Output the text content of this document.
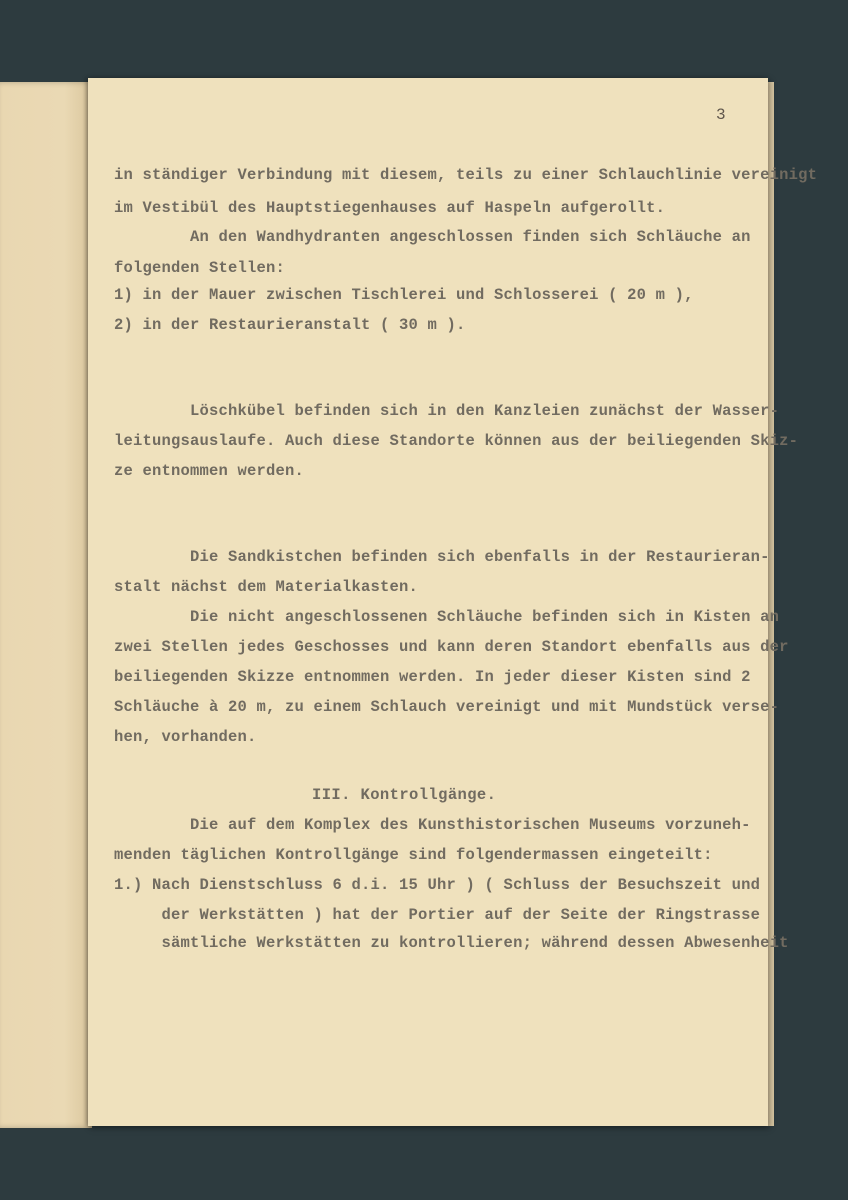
3
in ständiger Verbindung mit diesem, teils zu einer Schlauchlinie vereinigt
im Vestibül des Hauptstiegenhauses auf Haspeln aufgerollt.
An den Wandhydranten angeschlossen finden sich Schläuche an
folgenden Stellen:
1) in der Mauer zwischen Tischlerei und Schlosserei ( 20 m ),
2) in der Restaurieranstalt ( 30 m ).
Löschkübel befinden sich in den Kanzleien zunächst der Wasser-
leitungsauslaufe. Auch diese Standorte können aus der beiliegenden Skiz-
ze entnommen werden.
Die Sandkistchen befinden sich ebenfalls in der Restaurieran-
stalt nächst dem Materialkasten.
Die nicht angeschlossenen Schläuche befinden sich in Kisten an
zwei Stellen jedes Geschosses und kann deren Standort ebenfalls aus der
beiliegenden Skizze entnommen werden. In jeder dieser Kisten sind 2
Schläuche à 20 m, zu einem Schlauch vereinigt und mit Mundstück verse-
hen, vorhanden.
III. Kontrollgänge.
Die auf dem Komplex des Kunsthistorischen Museums vorzuneh-
menden täglichen Kontrollgänge sind folgendermassen eingeteilt:
1.) Nach Dienstschluss 6 d.i. 15 Uhr ) ( Schluss der Besuchszeit und
der Werkstätten ) hat der Portier auf der Seite der Ringstrasse
sämtliche Werkstätten zu kontrollieren; während dessen Abwesenheit
